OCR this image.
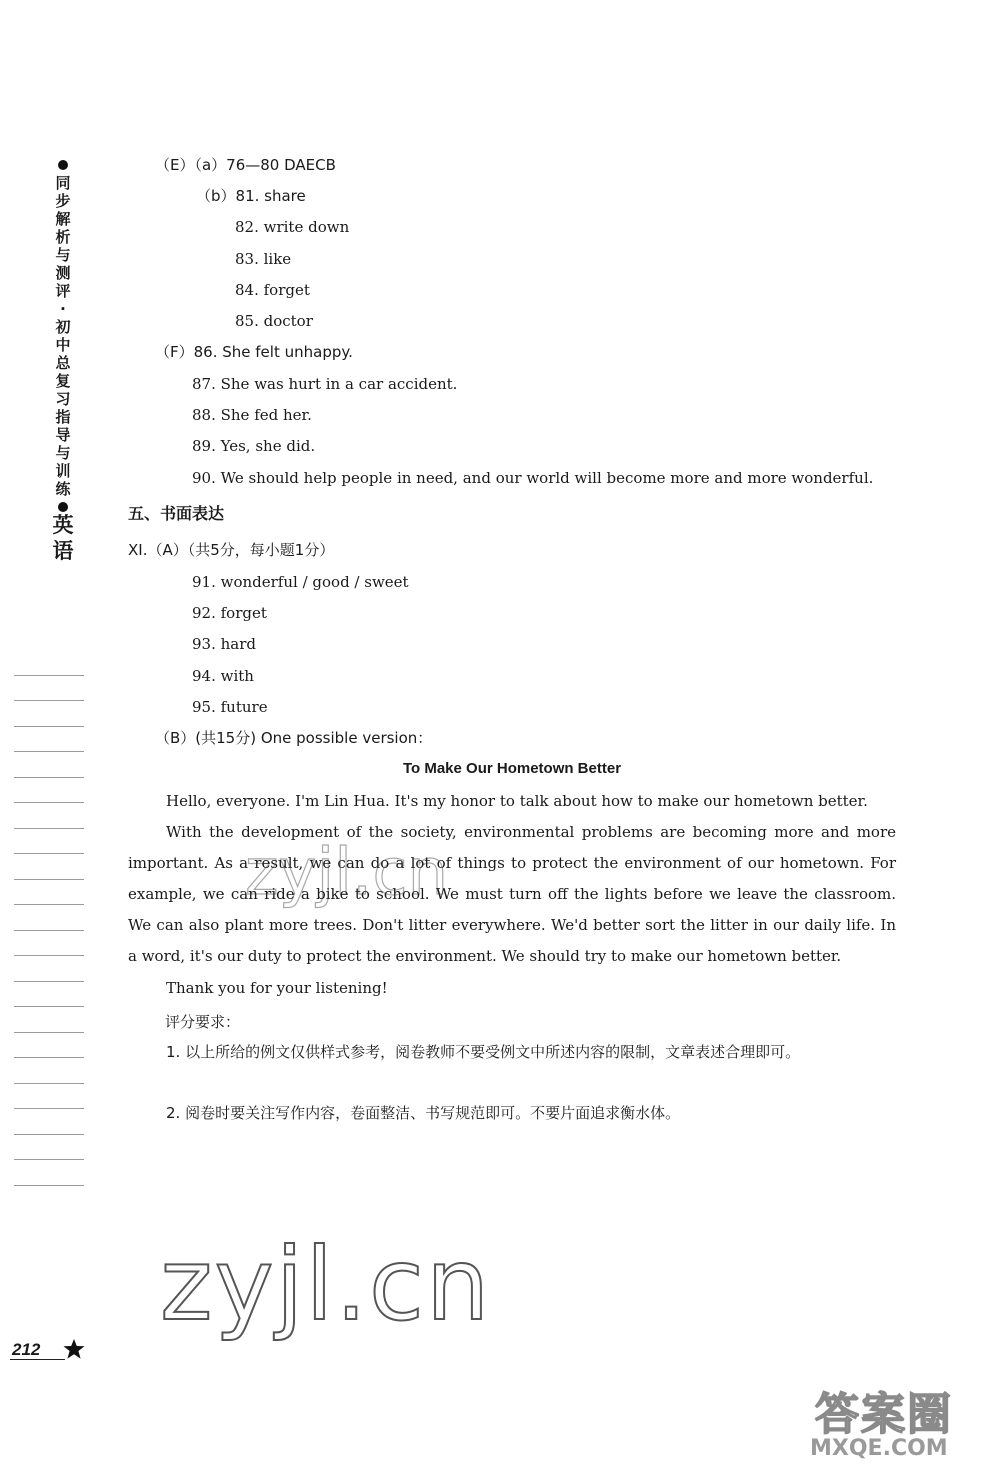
同步解析与测评·初中总复习指导与训练
英语
（E）（a）76—80 DAECB
（b）81. share
82. write down
83. like
84. forget
85. doctor
（F）86. She felt unhappy.
87. She was hurt in a car accident.
88. She fed her.
89. Yes, she did.
90. We should help people in need, and our world will become more and more wonderful.
五、书面表达
XI.（A）（共5分，每小题1分）
91. wonderful / good / sweet
92. forget
93. hard
94. with
95. future
（B）(共15分) One possible version：
To Make Our Hometown Better
Hello, everyone. I'm Lin Hua. It's my honor to talk about how to make our hometown better.
With the development of the society, environmental problems are becoming more and more important. As a result, we can do a lot of things to protect the environment of our hometown. For example, we can ride a bike to school. We must turn off the lights before we leave the classroom. We can also plant more trees. Don't litter everywhere. We'd better sort the litter in our daily life. In a word, it's our duty to protect the environment. We should try to make our hometown better.
Thank you for your listening!
评分要求：
1. 以上所给的例文仅供样式参考，阅卷教师不要受例文中所述内容的限制，文章表述合理即可。
2. 阅卷时要关注写作内容，卷面整洁、书写规范即可。不要片面追求衡水体。
zyjl.cn
zyjl.cn
212
答案圈
MXQE.COM
